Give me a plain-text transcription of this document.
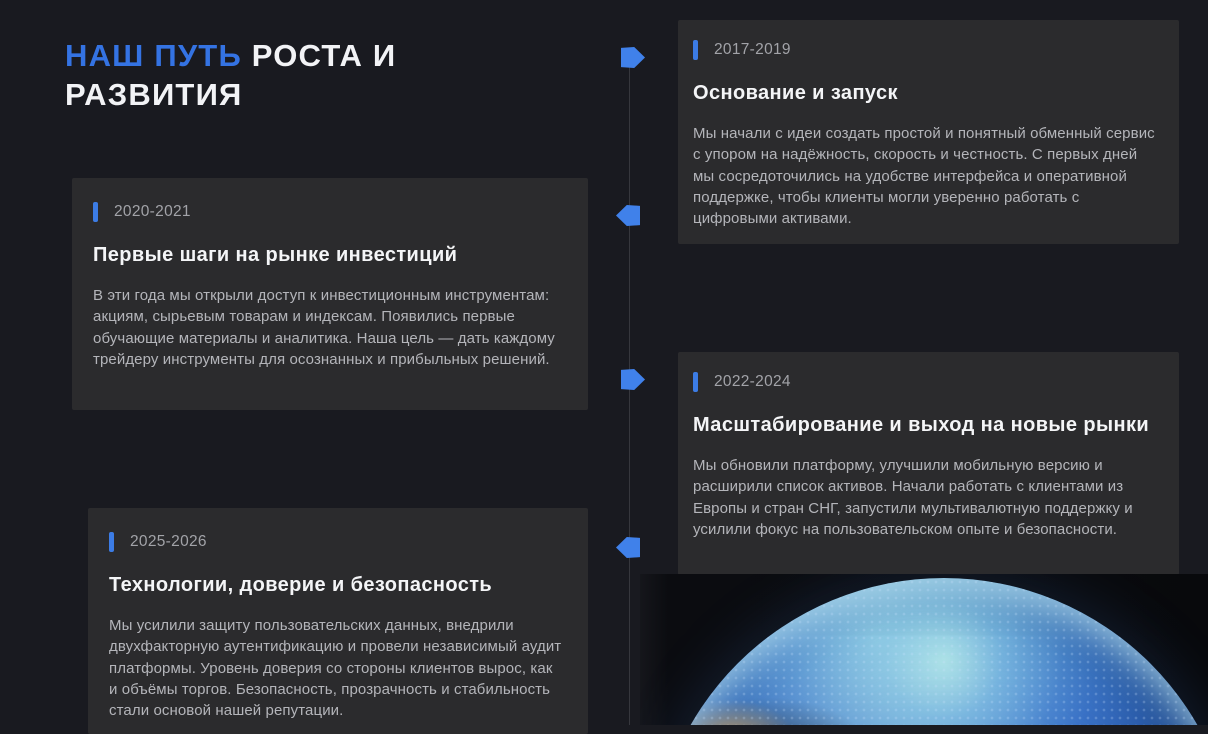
НАШ ПУТЬ РОСТА И РАЗВИТИЯ
2017-2019
Основание и запуск

Мы начали с идеи создать простой и понятный обменный сервис с упором на надёжность, скорость и честность. С первых дней мы сосредоточились на удобстве интерфейса и оперативной поддержке, чтобы клиенты могли уверенно работать с цифровыми активами.

2020-2021
Первые шаги на рынке инвестиций

В эти года мы открыли доступ к инвестиционным инструментам: акциям, сырьевым товарам и индексам. Появились первые обучающие материалы и аналитика. Наша цель — дать каждому трейдеру инструменты для осознанных и прибыльных решений.

2022-2024
Масштабирование и выход на новые рынки

Мы обновили платформу, улучшили мобильную версию и расширили список активов. Начали работать с клиентами из Европы и стран СНГ, запустили мультивалютную поддержку и усилили фокус на пользовательском опыте и безопасности.

2025-2026
Технологии, доверие и безопасность

Мы усилили защиту пользовательских данных, внедрили двухфакторную аутентификацию и провели независимый аудит платформы. Уровень доверия со стороны клиентов вырос, как и объёмы торгов. Безопасность, прозрачность и стабильность стали основой нашей репутации.
